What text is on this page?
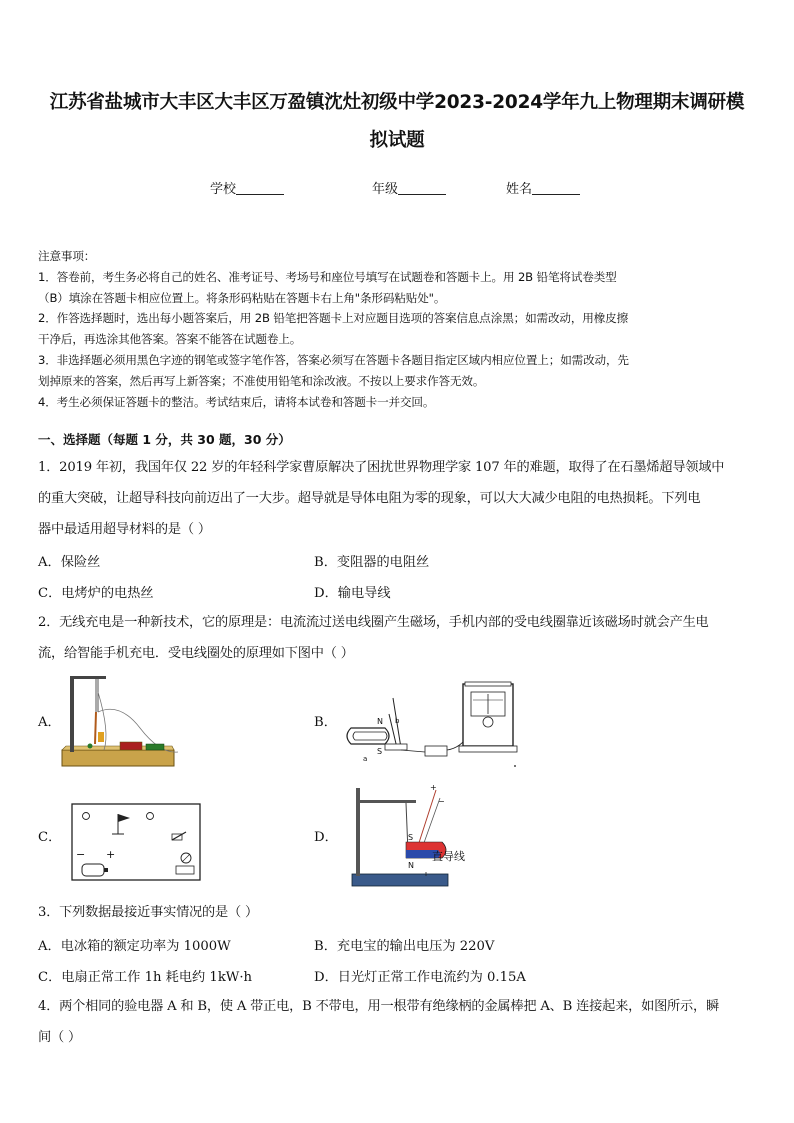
江苏省盐城市大丰区大丰区万盈镇沈灶初级中学2023-2024学年九上物理期末调研模
拟试题
学校	年级	姓名
注意事项：
1．答卷前，考生务必将自己的姓名、准考证号、考场号和座位号填写在试题卷和答题卡上。用 2B 铅笔将试卷类型
（B）填涂在答题卡相应位置上。将条形码粘贴在答题卡右上角"条形码粘贴处"。
2．作答选择题时，选出每小题答案后，用 2B 铅笔把答题卡上对应题目选项的答案信息点涂黑；如需改动，用橡皮擦
干净后，再选涂其他答案。答案不能答在试题卷上。
3．非选择题必须用黑色字迹的钢笔或签字笔作答，答案必须写在答题卡各题目指定区域内相应位置上；如需改动，先
划掉原来的答案，然后再写上新答案；不准使用铅笔和涂改液。不按以上要求作答无效。
4．考生必须保证答题卡的整洁。考试结束后，请将本试卷和答题卡一并交回。
一、选择题（每题 1 分，共 30 题，30 分）
1．2019 年初，我国年仅 22 岁的年轻科学家曹原解决了困扰世界物理学家 107 年的难题，取得了在石墨烯超导领域中
的重大突破，让超导科技向前迈出了一大步。超导就是导体电阻为零的现象，可以大大减少电阻的电热损耗。下列电
器中最适用超导材料的是（ ）
A．保险丝	B．变阻器的电阻丝
C．电烤炉的电热丝	D．输电导线
2．无线充电是一种新技术，它的原理是：电流流过送电线圈产生磁场，手机内部的受电线圈靠近该磁场时就会产生电
流，给智能手机充电．受电线圈处的原理如下图中（ ）
A．	B．
C．	D．
N
S
b
a
− +
+
−
S
N
直导线
3．下列数据最接近事实情况的是（ ）
A．电冰箱的额定功率为 1000W	B．充电宝的输出电压为 220V
C．电扇正常工作 1h 耗电约 1kW·h	D．日光灯正常工作电流约为 0.15A
4．两个相同的验电器 A 和 B，使 A 带正电，B 不带电，用一根带有绝缘柄的金属棒把 A、B 连接起来，如图所示，瞬
间（ ）
